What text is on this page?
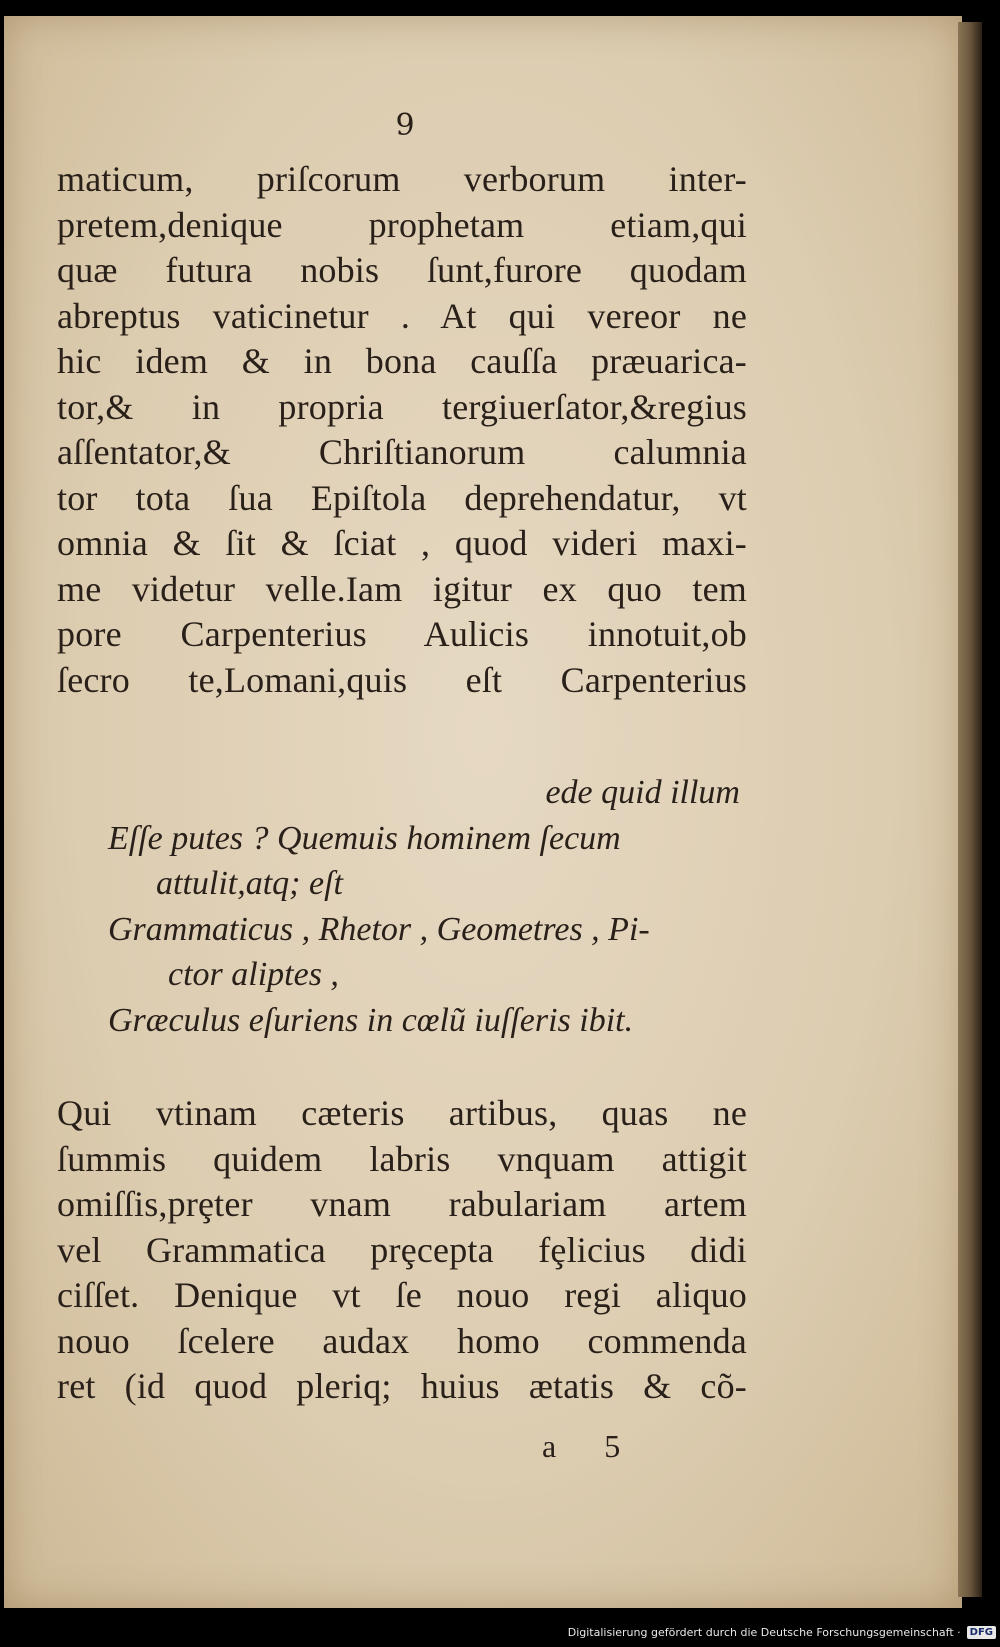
9
maticum, priſcorum verborum inter-
pretem,denique prophetam etiam,qui
quæ futura nobis ſunt,furore quodam
abreptus vaticinetur . At qui vereor ne
hic idem & in bona cauſſa præuarica-
tor,& in propria tergiuerſator,&regius
aſſentator,& Chriſtianorum calumnia
tor tota ſua Epiſtola deprehendatur, vt
omnia & ſit & ſciat , quod videri maxi-
me videtur velle.Iam igitur ex quo tem
pore Carpenterius Aulicis innotuit,ob
ſecro te,Lomani,quis eſt Carpenterius
ede quid illum
Eſſe putes ? Quemuis hominem ſecum
attulit,atq; eſt
Grammaticus , Rhetor , Geometres , Pi-
ctor aliptes ,
Græculus eſuriens in cœlũ iuſſeris ibit.
Qui vtinam cæteris artibus, quas ne
ſummis quidem labris vnquam attigit
omiſſis,prȩter vnam rabulariam artem
vel Grammatica prȩcepta fȩlicius didi
ciſſet. Denique vt ſe nouo regi aliquo
nouo ſcelere audax homo commenda
ret (id quod pleriq; huius ætatis & cõ-
a 5
Digitalisierung gefördert durch die Deutsche Forschungsgemeinschaft · DFG
